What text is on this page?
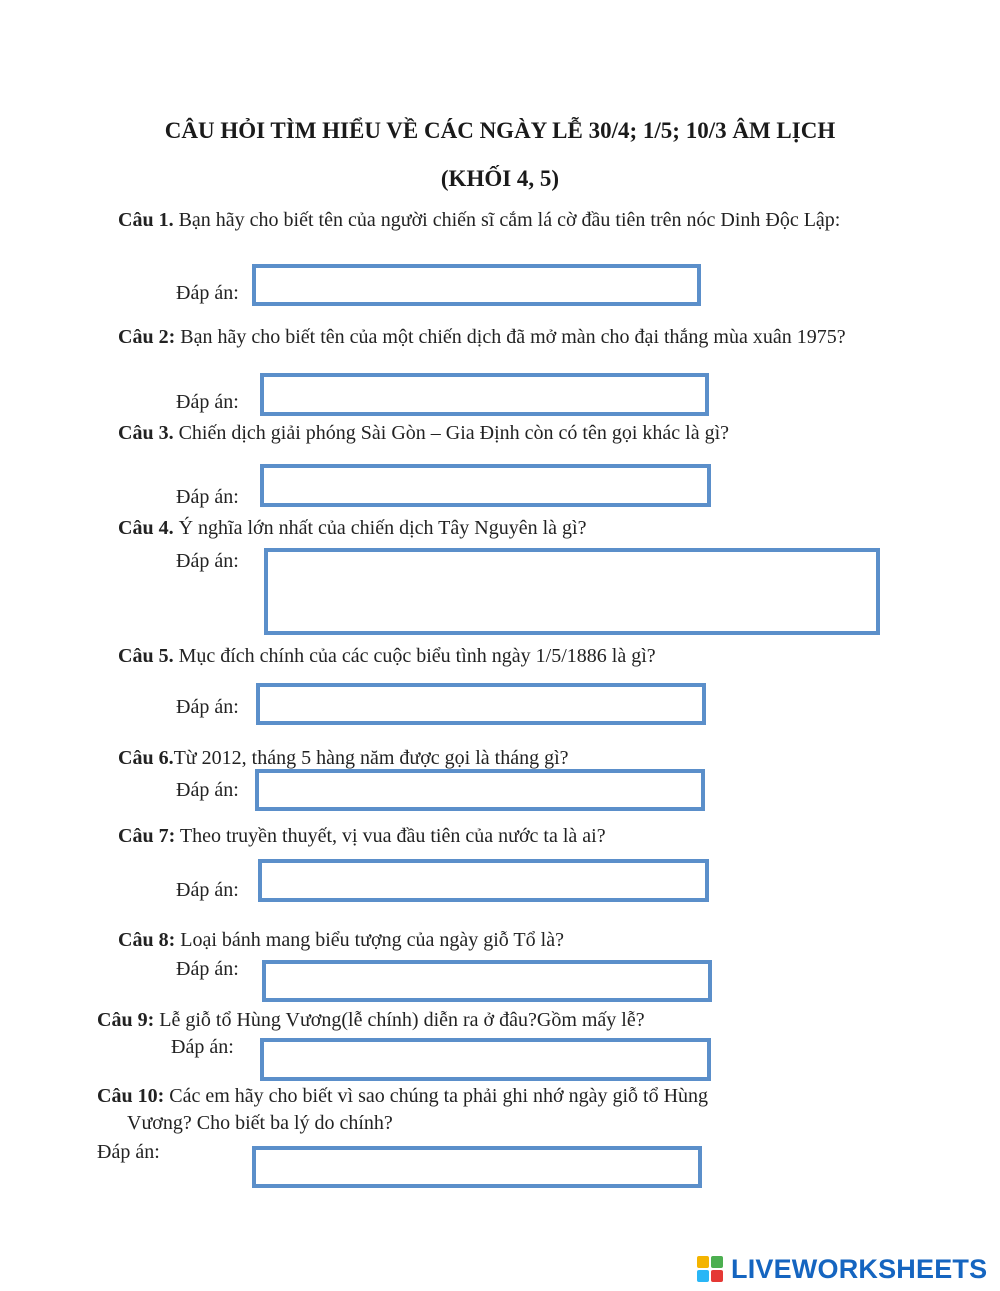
CÂU HỎI TÌM HIỂU VỀ CÁC NGÀY LỄ 30/4; 1/5; 10/3 ÂM LỊCH
(KHỐI 4, 5)
Câu 1. Bạn hãy cho biết tên của người chiến sĩ cắm lá cờ đầu tiên trên nóc Dinh Độc Lập:
Đáp án:
Câu 2: Bạn hãy cho biết tên của một chiến dịch đã mở màn cho đại thắng mùa xuân 1975?
Đáp án:
Câu 3. Chiến dịch giải phóng Sài Gòn – Gia Định còn có tên gọi khác là gì?
Đáp án:
Câu 4. Ý nghĩa lớn nhất của chiến dịch Tây Nguyên là gì?
Đáp án:
Câu 5. Mục đích chính của các cuộc biểu tình ngày 1/5/1886 là gì?
Đáp án:
Câu 6.Từ 2012, tháng 5 hàng năm được gọi là tháng gì?
Đáp án:
Câu 7: Theo truyền thuyết, vị vua đầu tiên của nước ta là ai?
Đáp án:
Câu 8: Loại bánh mang biểu tượng của ngày giỗ Tổ là?
Đáp án:
Câu 9: Lễ giỗ tổ Hùng Vương(lễ chính) diễn ra ở đâu?Gồm mấy lễ?
Đáp án:
Câu 10: Các em hãy cho biết vì sao chúng ta phải ghi nhớ ngày giỗ tổ Hùng
Vương? Cho biết ba lý do chính?
Đáp án:
LIVEWORKSHEETS
